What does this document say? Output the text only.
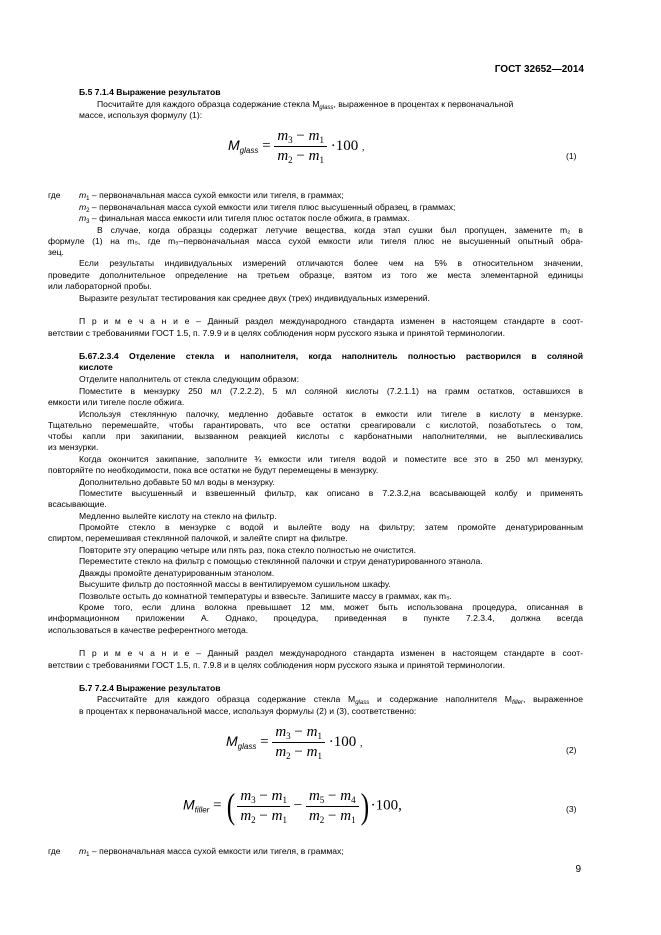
ГОСТ 32652—2014

Б.5 7.1.4 Выражение результатов

Посчитайте для каждого образца содержание стекла $M_{glass}$, выраженное в процентах к первоначальной

массе, используя формулу (1):

$M_{glass} = \frac{m_3 - m_1}{m_2 - m_1} \cdot 100$ ,
(1)

где $m_1$ – первоначальная масса сухой емкости или тигеля, в граммах;

$m_2$ – первоначальная масса сухой емкости или тигеля плюс высушенный образец, в граммах;

$m_3$ – финальная масса емкости или тигеля плюс остаток после обжига, в граммах.

В случае, когда образцы содержат летучие вещества, когда этап сушки был пропущен, замените m₂ в

формуле (1) на m₅, где m₅–первоначальная масса сухой емкости или тигеля плюс не высушенный опытный обра-

зец.

Если результаты индивидуальных измерений отличаются более чем на 5% в относительном значении,

проведите дополнительное определение на третьем образце, взятом из того же места элементарной единицы

или лабораторной пробы.

Выразите результат тестирования как среднее двух (трех) индивидуальных измерений.

П р и м е ч а н и е – Данный раздел международного стандарта изменен в настоящем стандарте в соот-

ветствии с требованиями ГОСТ 1.5, п. 7.9.9 и в целях соблюдения норм русского языка и принятой терминологии.

Б.67.2.3.4 Отделение стекла и наполнителя, когда наполнитель полностью растворился в соляной

кислоте

Отделите наполнитель от стекла следующим образом:

Поместите в мензурку 250 мл (7.2.2.2), 5 мл соляной кислоты (7.2.1.1) на грамм остатков, оставшихся в

емкости или тигеле после обжига.

Используя стеклянную палочку, медленно добавьте остаток в емкости или тигеле в кислоту в мензурке.

Тщательно перемешайте, чтобы гарантировать, что все остатки среагировали с кислотой, позаботьтесь о том,

чтобы капли при закипании, вызванном реакцией кислоты с карбонатными наполнителями, не выплескивались

из мензурки.

Когда окончится закипание, заполните ¾ емкости или тигеля водой и поместите все это в 250 мл мензурку,

повторяйте по необходимости, пока все остатки не будут перемещены в мензурку.

Дополнительно добавьте 50 мл воды в мензурку.

Поместите высушенный и взвешенный фильтр, как описано в 7.2.3.2,на всасывающей колбу и применять

всасывающие.

Медленно вылейте кислоту на стекло на фильтр.

Промойте стекло в мензурке с водой и вылейте воду на фильтру; затем промойте денатурированным

спиртом, перемешивая стеклянной палочкой, и залейте спирт на фильтре.

Повторите эту операцию четыре или пять раз, пока стекло полностью не очистится.

Переместите стекло на фильтр с помощью стеклянной палочки и струи денатурированного этанола.

Дважды промойте денатурированным этанолом.

Высушите фильтр до постоянной массы в вентилируемом сушильном шкафу.

Позвольте остыть до комнатной температуры и взвесьте. Запишите массу в граммах, как m₅.

Кроме того, если длина волокна превышает 12 мм, может быть использована процедура, описанная в

информационном приложении А. Однако, процедура, приведенная в пункте 7.2.3.4, должна всегда

использоваться в качестве референтного метода.

П р и м е ч а н и е – Данный раздел международного стандарта изменен в настоящем стандарте в соот-

ветствии с требованиями ГОСТ 1.5, п. 7.9.8 и в целях соблюдения норм русского языка и принятой терминологии.

Б.7 7.2.4 Выражение результатов

Рассчитайте для каждого образца содержание стекла $M_{glass}$ и содержание наполнителя $M_{filler}$, выраженное

в процентах к первоначальной массе, используя формулы (2) и (3), соответственно:

$M_{glass} = \frac{m_3 - m_1}{m_2 - m_1} \cdot 100$ ,
(2)
$M_{filler}$ = ( $\frac{m_3 - m_1}{m_2 - m_1} - \frac{m_5 - m_4}{m_2 - m_1}$ ) ·100,	(3)

где $m_1$ – первоначальная масса сухой емкости или тигеля, в граммах;

9
